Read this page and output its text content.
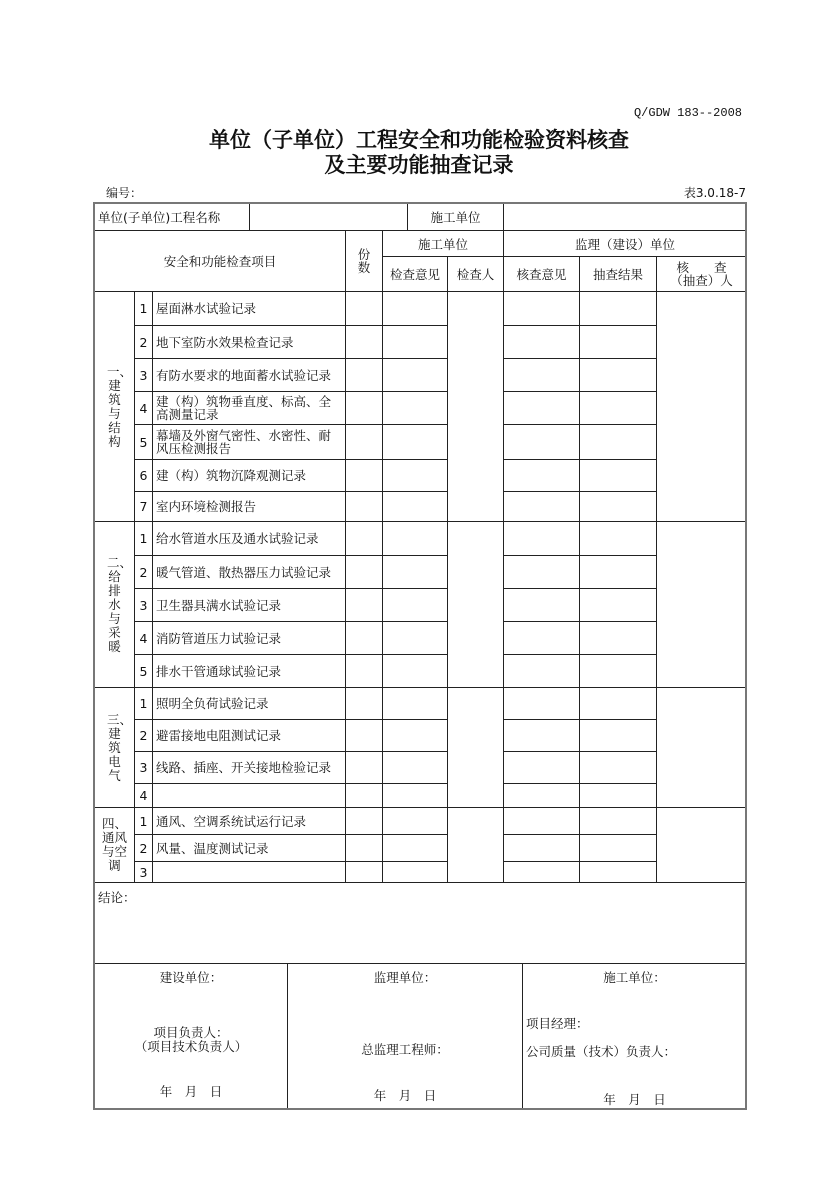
Q/GDW 183--2008
单位（子单位）工程安全和功能检验资料核查
及主要功能抽查记录
编号：	表3.0.18-7
单位(子单位)工程名称		施工单位	
安全和功能检查项目			份数	施工单位		监理（建设）单位		
				检查意见	检查人	核查意见	抽查结果	核　　查（抽查）人
一、建筑与结构	1	屋面淋水试验记录						
	2	地下室防水效果检查记录						
	3	有防水要求的地面蓄水试验记录						
	4	建（构）筑物垂直度、标高、全高测量记录						
	5	幕墙及外窗气密性、水密性、耐风压检测报告						
	6	建（构）筑物沉降观测记录						
	7	室内环境检测报告						
二、给排水与采暖	1	给水管道水压及通水试验记录						
	2	暖气管道、散热器压力试验记录						
	3	卫生器具满水试验记录						
	4	消防管道压力试验记录						
	5	排水干管通球试验记录						
三、建筑电气	1	照明全负荷试验记录						
	2	避雷接地电阻测试记录						
	3	线路、插座、开关接地检验记录						
	4							
四、通风与空调	1	通风、空调系统试运行记录						
	2	风量、温度测试记录						
	3							
结论：
建设单位：
项目负责人：
（项目技术负责人）
年　月　日

监理单位：
总监理工程师：
年　月　日

施工单位：
项目经理：
公司质量（技术）负责人：
年　月　日
